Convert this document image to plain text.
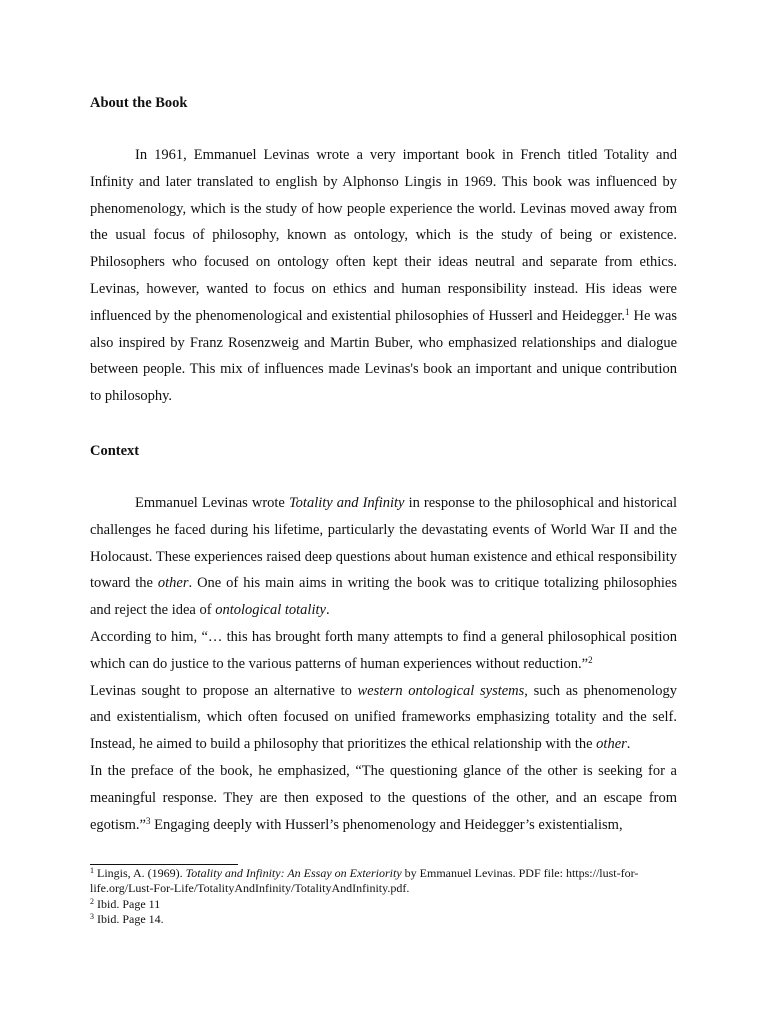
About the Book

In 1961, Emmanuel Levinas wrote a very important book in French titled Totality and Infinity and later translated to english by Alphonso Lingis in 1969. This book was influenced by phenomenology, which is the study of how people experience the world. Levinas moved away from the usual focus of philosophy, known as ontology, which is the study of being or existence. Philosophers who focused on ontology often kept their ideas neutral and separate from ethics. Levinas, however, wanted to focus on ethics and human responsibility instead. His ideas were influenced by the phenomenological and existential philosophies of Husserl and Heidegger.$^1$ He was also inspired by Franz Rosenzweig and Martin Buber, who emphasized relationships and dialogue between people. This mix of influences made Levinas's book an important and unique contribution to philosophy.

Context

Emmanuel Levinas wrote Totality and Infinity in response to the philosophical and historical challenges he faced during his lifetime, particularly the devastating events of World War II and the Holocaust. These experiences raised deep questions about human existence and ethical responsibility toward the other. One of his main aims in writing the book was to critique totalizing philosophies and reject the idea of ontological totality.

According to him, “… this has brought forth many attempts to find a general philosophical position which can do justice to the various patterns of human experiences without reduction.”$^2$

Levinas sought to propose an alternative to western ontological systems, such as phenomenology and existentialism, which often focused on unified frameworks emphasizing totality and the self. Instead, he aimed to build a philosophy that prioritizes the ethical relationship with the other.

In the preface of the book, he emphasized, “The questioning glance of the other is seeking for a meaningful response. They are then exposed to the questions of the other, and an escape from egotism.”$^3$ Engaging deeply with Husserl’s phenomenology and Heidegger’s existentialism,

$^1$ Lingis, A. (1969). Totality and Infinity: An Essay on Exteriority by Emmanuel Levinas. PDF file: https://lust-for-life.org/Lust-For-Life/TotalityAndInfinity/TotalityAndInfinity.pdf.
$^2$ Ibid. Page 11
$^3$ Ibid. Page 14.
